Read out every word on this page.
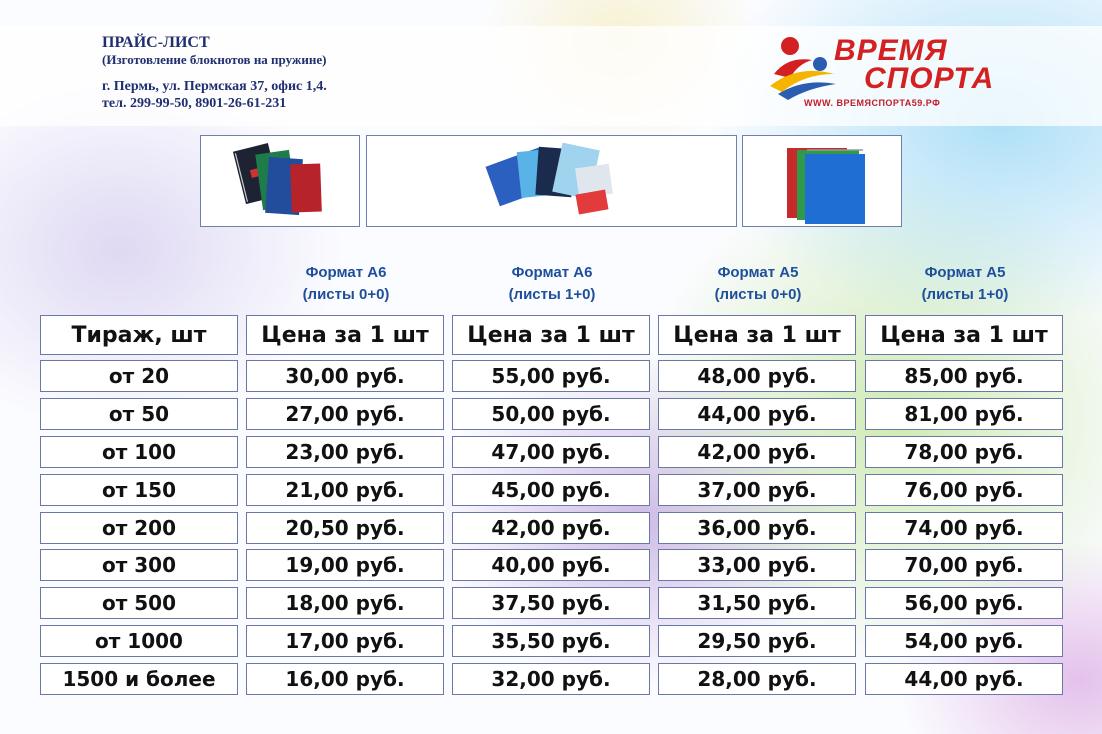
ПРАЙС-ЛИСТ
(Изготовление блокнотов на пружине)
г. Пермь, ул. Пермская 37, офис 1,4.
тел. 299-99-50, 8901-26-61-231
ВРЕМЯ
СПОРТА
WWW. ВРЕМЯСПОРТА59.РФ
Формат А6
(листы 0+0)
Формат А6
(листы 1+0)
Формат А5
(листы 0+0)
Формат А5
(листы 1+0)
Тираж, шт	Цена за 1 шт	Цена за 1 шт	Цена за 1 шт	Цена за 1 шт
от 20	30,00 руб.	55,00 руб.	48,00 руб.	85,00 руб.
от 50	27,00 руб.	50,00 руб.	44,00 руб.	81,00 руб.
от 100	23,00 руб.	47,00 руб.	42,00 руб.	78,00 руб.
от 150	21,00 руб.	45,00 руб.	37,00 руб.	76,00 руб.
от 200	20,50 руб.	42,00 руб.	36,00 руб.	74,00 руб.
от 300	19,00 руб.	40,00 руб.	33,00 руб.	70,00 руб.
от 500	18,00 руб.	37,50 руб.	31,50 руб.	56,00 руб.
от 1000	17,00 руб.	35,50 руб.	29,50 руб.	54,00 руб.
1500 и более	16,00 руб.	32,00 руб.	28,00 руб.	44,00 руб.
